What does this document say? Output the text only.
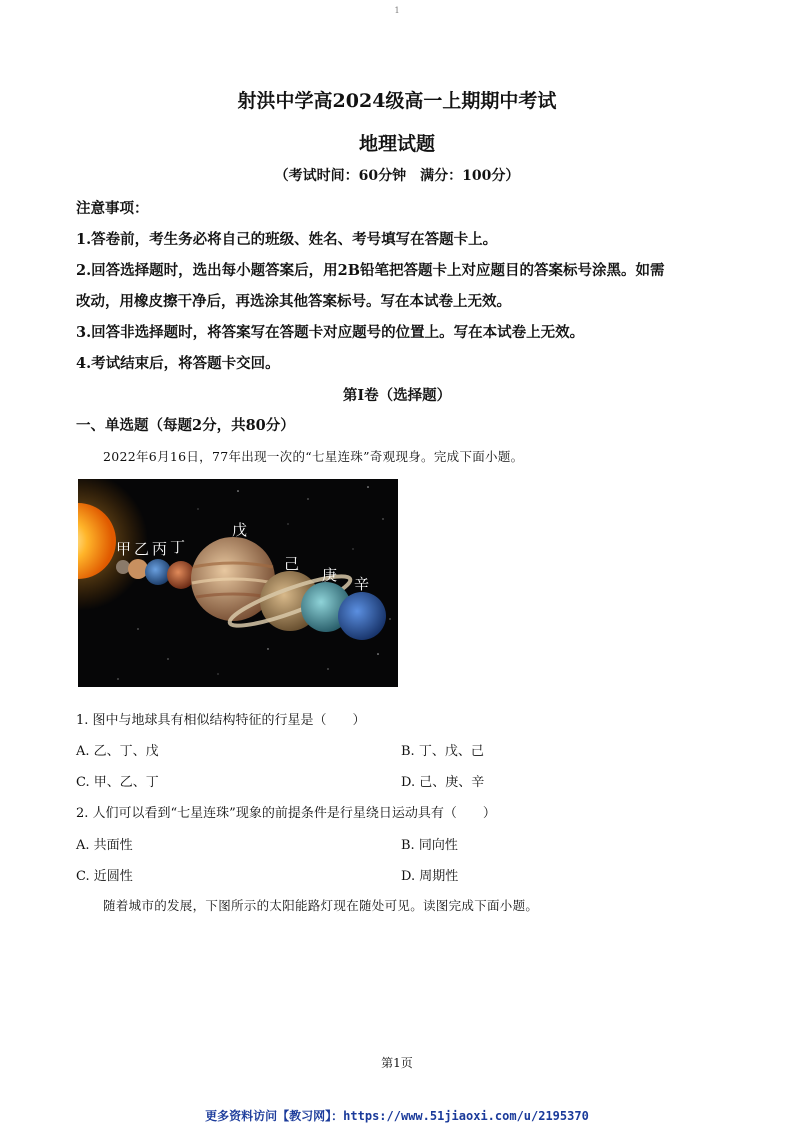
1
射洪中学高2024级高一上期期中考试
地理试题
（考试时间：60分钟　满分：100分）

注意事项：

1.答卷前，考生务必将自己的班级、姓名、考号填写在答题卡上。

2.回答选择题时，选出每小题答案后，用2B铅笔把答题卡上对应题目的答案标号涂黑。如需

改动，用橡皮擦干净后，再选涂其他答案标号。写在本试卷上无效。

3.回答非选择题时，将答案写在答题卡对应题号的位置上。写在本试卷上无效。

4.考试结束后，将答题卡交回。

第Ⅰ卷（选择题）
一、单选题（每题2分，共80分）
2022年6月16日，77年出现一次的“七星连珠”奇观现身。完成下面小题。
甲 乙 丙 丁
戊
己
庚 辛
1. 图中与地球具有相似结构特征的行星是（　　）
A. 乙、丁、戊	B. 丁、戊、己
C. 甲、乙、丁	D. 己、庚、辛
2. 人们可以看到“七星连珠”现象的前提条件是行星绕日运动具有（　　）
A. 共面性	B. 同向性
C. 近圆性	D. 周期性
随着城市的发展，下图所示的太阳能路灯现在随处可见。读图完成下面小题。
第1页
更多资料访问【教习网】：https://www.51jiaoxi.com/u/2195370
